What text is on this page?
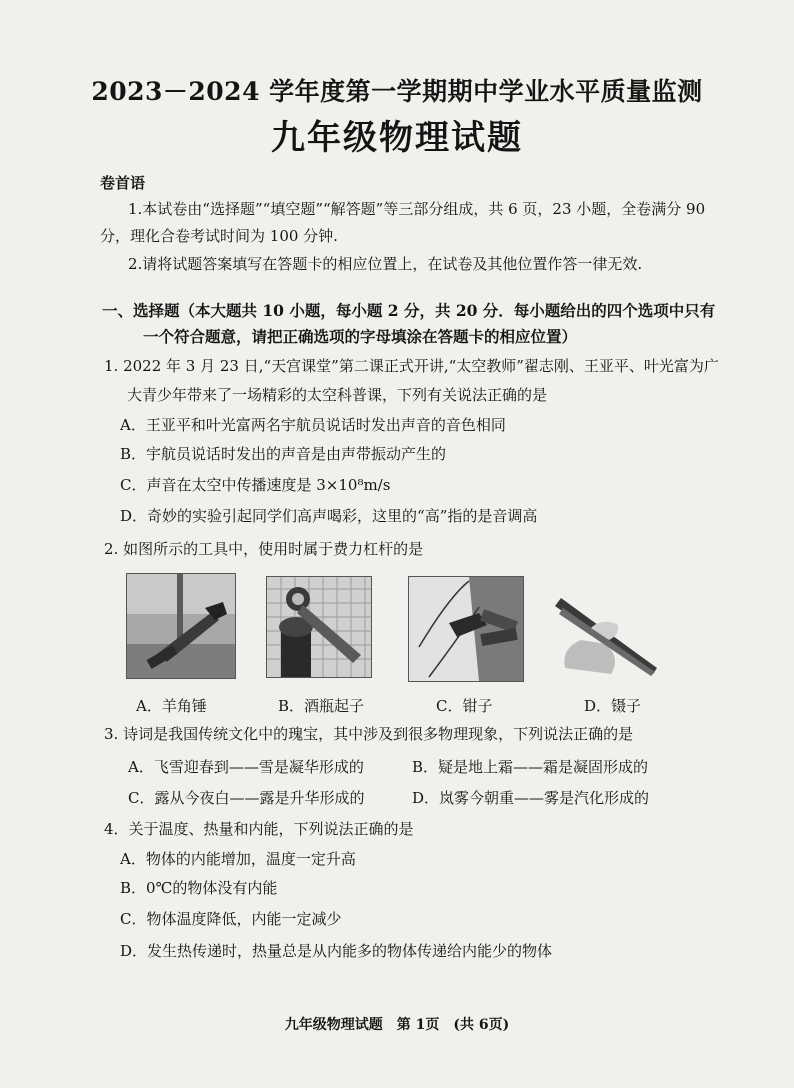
2023－2024 学年度第一学期期中学业水平质量监测
九年级物理试题
卷首语
1.本试卷由“选择题”“填空题”“解答题”等三部分组成，共 6 页，23 小题，全卷满分 90
分，理化合卷考试时间为 100 分钟.
2.请将试题答案填写在答题卡的相应位置上，在试卷及其他位置作答一律无效.
一、选择题（本大题共 10 小题，每小题 2 分，共 20 分．每小题给出的四个选项中只有
一个符合题意，请把正确选项的字母填涂在答题卡的相应位置）
1. 2022 年 3 月 23 日,“天宫课堂”第二课正式开讲,“太空教师”翟志刚、王亚平、叶光富为广
大青少年带来了一场精彩的太空科普课，下列有关说法正确的是
A．王亚平和叶光富两名宇航员说话时发出声音的音色相同
B．宇航员说话时发出的声音是由声带振动产生的
C．声音在太空中传播速度是 3×10⁸m/s
D．奇妙的实验引起同学们高声喝彩，这里的“高”指的是音调高
2. 如图所示的工具中，使用时属于费力杠杆的是
A．羊角锤	B．酒瓶起子	C．钳子	D．镊子
3. 诗词是我国传统文化中的瑰宝，其中涉及到很多物理现象，下列说法正确的是
A．飞雪迎春到——雪是凝华形成的	B．疑是地上霜——霜是凝固形成的
C．露从今夜白——露是升华形成的	D．岚雾今朝重——雾是汽化形成的
4．关于温度、热量和内能，下列说法正确的是
A．物体的内能增加，温度一定升高
B．0℃的物体没有内能
C．物体温度降低，内能一定减少
D．发生热传递时，热量总是从内能多的物体传递给内能少的物体
九年级物理试题　第 1页　(共 6页)
